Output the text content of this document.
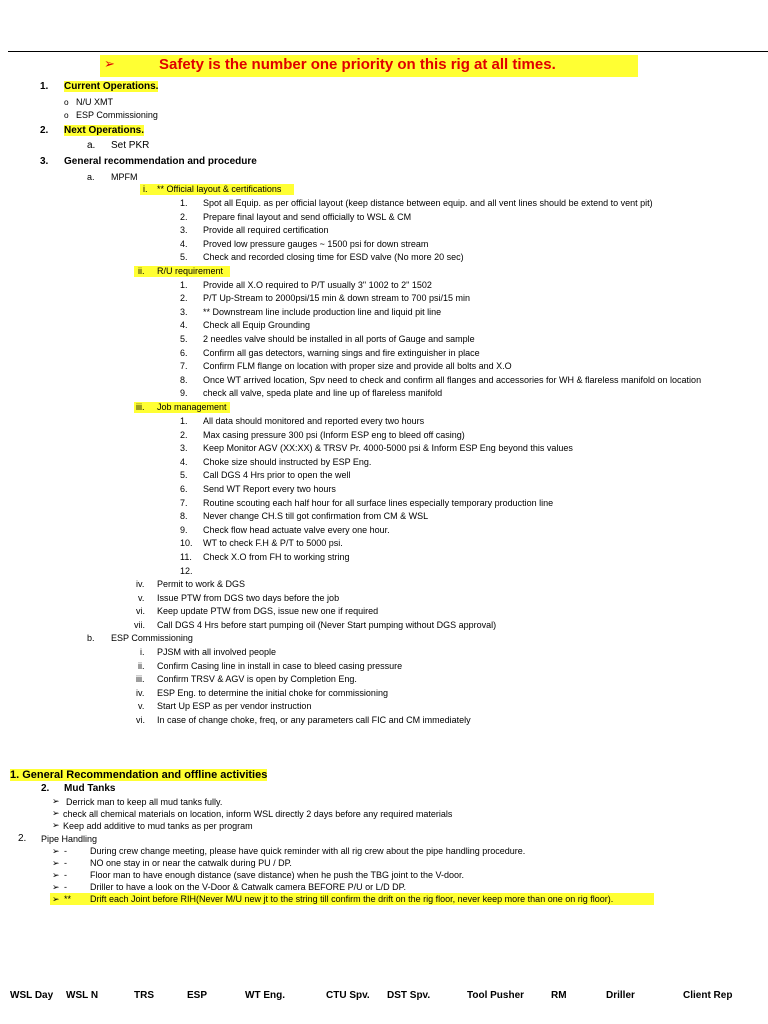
➢	Safety is the number one priority on this rig at all times.
1. Current Operations.
o N/U XMT
o ESP Commissioning
2. Next Operations.
a. Set PKR
3. General recommendation and procedure
a. MPFM
i. ** Official layout & certifications
1. Spot all Equip. as per official layout (keep distance between equip. and all vent lines should be extend to vent pit)
2. Prepare final layout and send officially to WSL & CM
3. Provide all required certification
4. Proved low pressure gauges ~ 1500 psi for down stream
5. Check and recorded closing time for ESD valve (No more 20 sec)
ii. R/U requirement
1. Provide all X.O required to P/T usually 3" 1002 to 2" 1502
2. P/T Up-Stream to 2000psi/15 min & down stream to 700 psi/15 min
3. ** Downstream line include production line and liquid pit line
4. Check all Equip Grounding
5. 2 needles valve should be installed in all ports of Gauge and sample
6. Confirm all gas detectors, warning sings and fire extinguisher in place
7. Confirm FLM flange on location with proper size and provide all bolts and X.O
8. Once WT arrived location, Spv need to check and confirm all flanges and accessories for WH & flareless manifold on location
9. check all valve, speda plate and line up of flareless manifold
iii. Job management
1. All data should monitored and reported every two hours
2. Max casing pressure 300 psi (Inform ESP eng to bleed off casing)
3. Keep Monitor AGV (XX:XX) & TRSV Pr. 4000-5000 psi & Inform ESP Eng beyond this values
4. Choke size should instructed by ESP Eng.
5. Call DGS 4 Hrs prior to open the well
6. Send WT Report every two hours
7. Routine scouting each half hour for all surface lines especially temporary production line
8. Never change CH.S till got confirmation from CM & WSL
9. Check flow head actuate valve every one hour.
10. WT to check F.H & P/T to 5000 psi.
11. Check X.O from FH to working string
12.
iv. Permit to work & DGS
v. Issue PTW from DGS two days before the job
vi. Keep update PTW from DGS, issue new one if required
vii. Call DGS 4 Hrs before start pumping oil (Never Start pumping without DGS approval)
b. ESP Commissioning
i. PJSM with all involved people
ii. Confirm Casing line in install in case to bleed casing pressure
iii. Confirm TRSV & AGV is open by Completion Eng.
iv. ESP Eng. to determine the initial choke for commissioning
v. Start Up ESP as per vendor instruction
vi. In case of change choke, freq, or any parameters call FIC and CM immediately
1. General Recommendation and offline activities
2. Mud Tanks
➢ Derrick man to keep all mud tanks fully.
➢ check all chemical materials on location, inform WSL directly 2 days before any required materials
➢ Keep add additive to mud tanks as per program
2. Pipe Handling
➢ -	During crew change meeting, please have quick reminder with all rig crew about the pipe handling procedure.
➢ -	NO one stay in or near the catwalk during PU / DP.
➢ -	Floor man to have enough distance (save distance) when he push the TBG joint to the V-door.
➢ -	Driller to have a look on the V-Door & Catwalk camera BEFORE P/U or L/D DP.
➢ ** Drift each Joint before RIH(Never M/U new jt to the string till confirm the drift on the rig floor, never keep more than one on rig floor).
WSL Day WSL N	TRS	ESP	WT Eng.	CTU Spv. DST Spv.	Tool Pusher	RM	Driller	Client Rep
